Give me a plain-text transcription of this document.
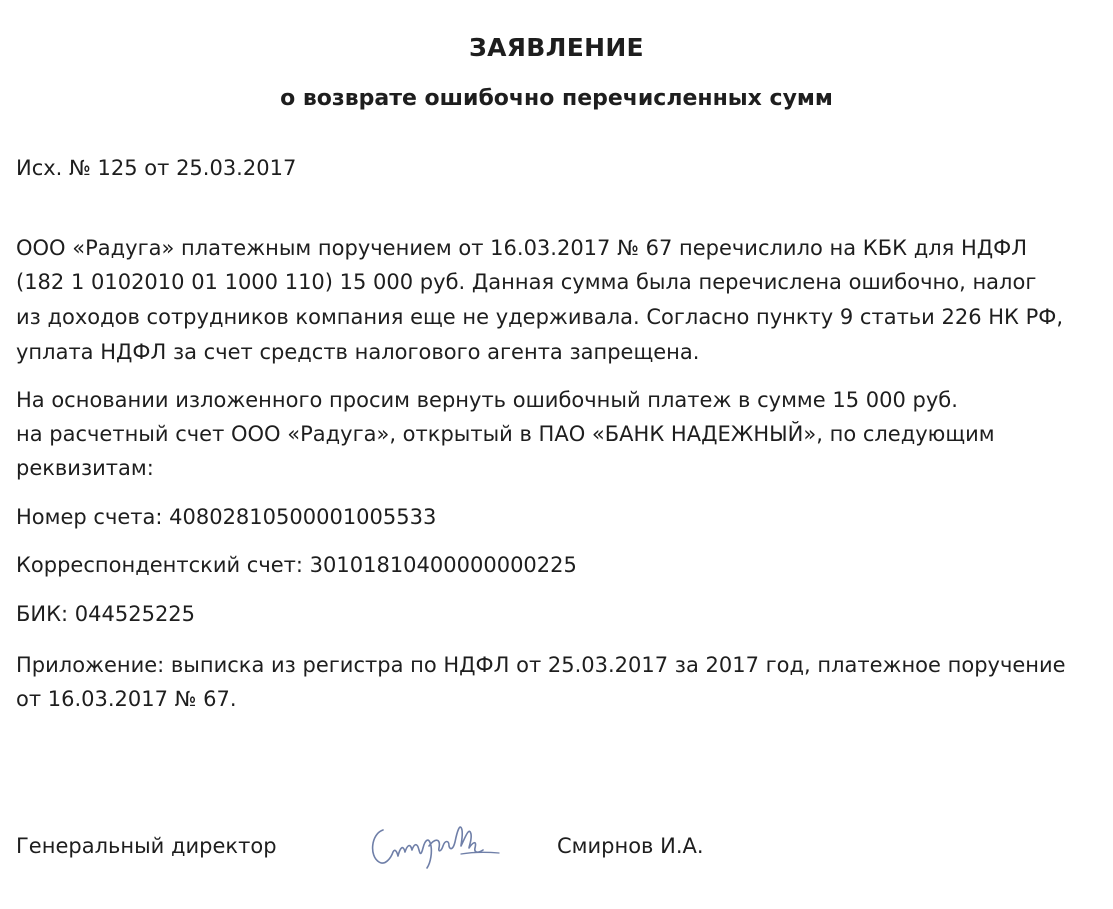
ЗАЯВЛЕНИЕ
о возврате ошибочно перечисленных сумм
Исх. № 125 от 25.03.2017
ООО «Радуга» платежным поручением от 16.03.2017 № 67 перечислило на КБК для НДФЛ
(182 1 0102010 01 1000 110) 15 000 руб. Данная сумма была перечислена ошибочно, налог
из доходов сотрудников компания еще не удерживала. Согласно пункту 9 статьи 226 НК РФ,
уплата НДФЛ за счет средств налогового агента запрещена.
На основании изложенного просим вернуть ошибочный платеж в сумме 15 000 руб.
на расчетный счет ООО «Радуга», открытый в ПАО «БАНК НАДЕЖНЫЙ», по следующим
реквизитам:
Номер счета: 40802810500001005533
Корреспондентский счет: 30101810400000000225
БИК: 044525225
Приложение: выписка из регистра по НДФЛ от 25.03.2017 за 2017 год, платежное поручение
от 16.03.2017 № 67.
Генеральный директор	Смирнов И.А.
